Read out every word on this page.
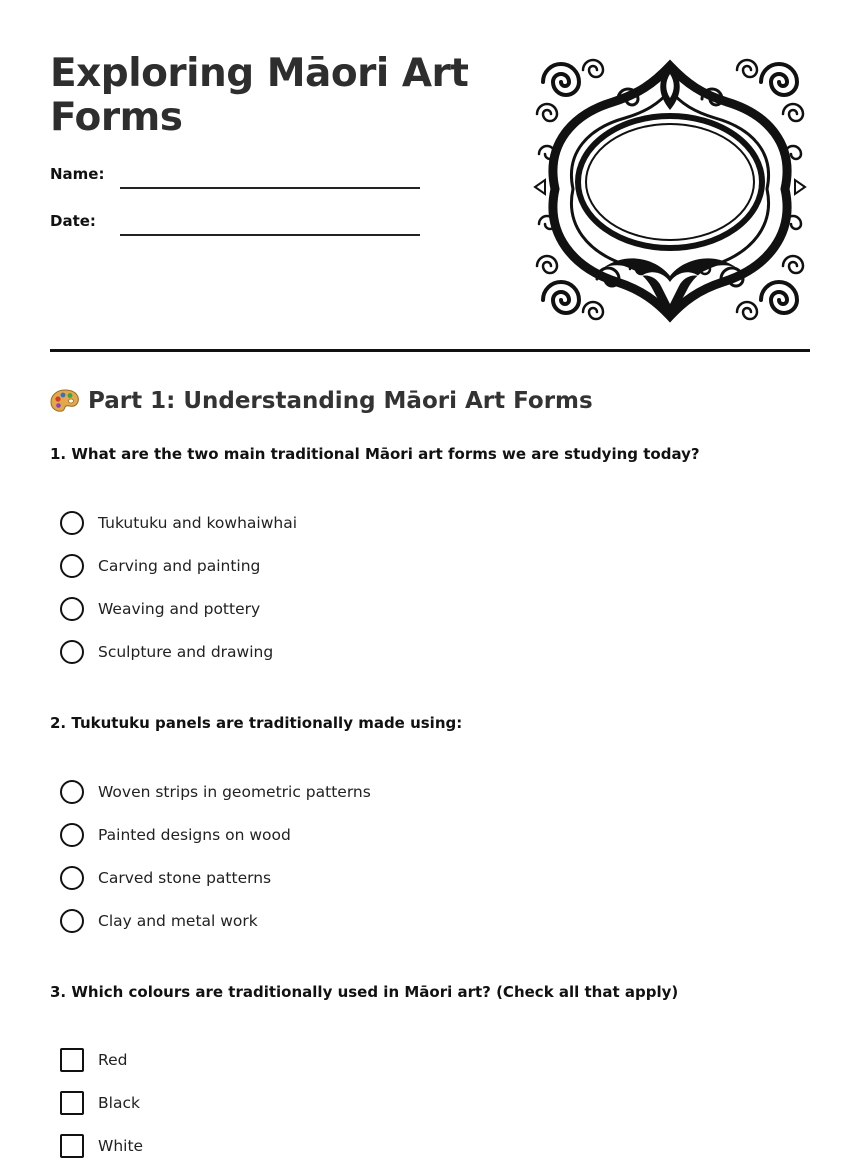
Exploring Māori Art Forms
Name:
Date:
Part 1: Understanding Māori Art Forms
1. What are the two main traditional Māori art forms we are studying today?
Tukutuku and kowhaiwhai
Carving and painting
Weaving and pottery
Sculpture and drawing
2. Tukutuku panels are traditionally made using:
Woven strips in geometric patterns
Painted designs on wood
Carved stone patterns
Clay and metal work
3. Which colours are traditionally used in Māori art? (Check all that apply)
Red
Black
White
